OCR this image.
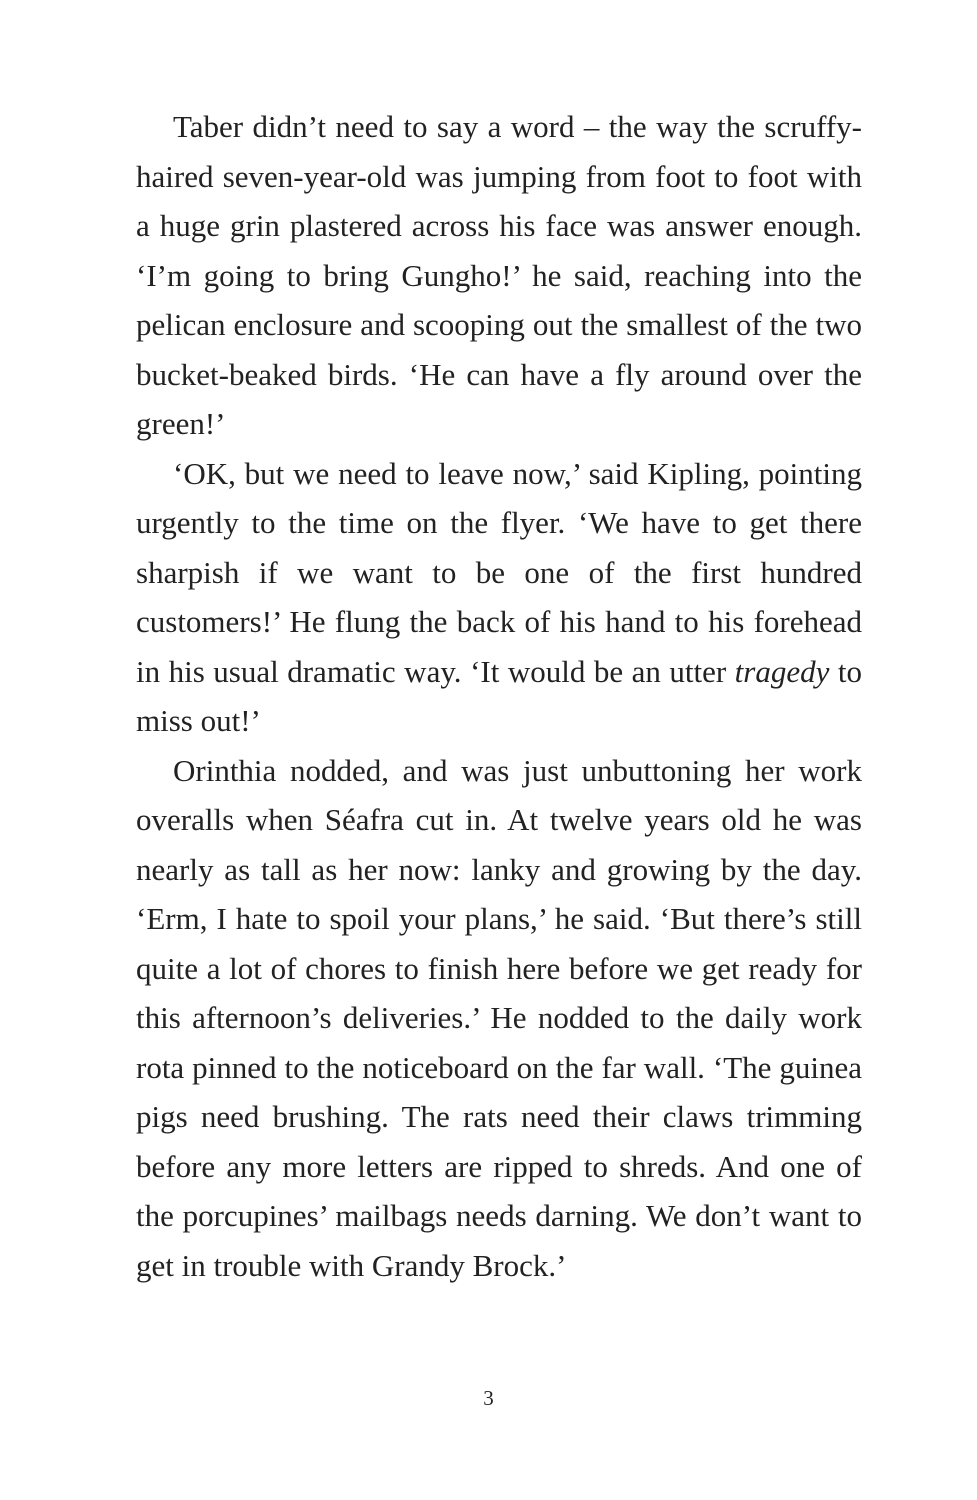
Taber didn’t need to say a word – the way the scruffy-haired seven-year-old was jumping from foot to foot with a huge grin plastered across his face was answer enough. ‘I’m going to bring Gungho!’ he said, reaching into the pelican enclosure and scooping out the smallest of the two bucket-beaked birds. ‘He can have a fly around over the green!’

‘OK, but we need to leave now,’ said Kipling, pointing urgently to the time on the flyer. ‘We have to get there sharpish if we want to be one of the first hundred customers!’ He flung the back of his hand to his forehead in his usual dramatic way. ‘It would be an utter tragedy to miss out!’

Orinthia nodded, and was just unbuttoning her work overalls when Séafra cut in. At twelve years old he was nearly as tall as her now: lanky and growing by the day. ‘Erm, I hate to spoil your plans,’ he said. ‘But there’s still quite a lot of chores to finish here before we get ready for this afternoon’s deliveries.’ He nodded to the daily work rota pinned to the noticeboard on the far wall. ‘The guinea pigs need brushing. The rats need their claws trimming before any more letters are ripped to shreds. And one of the porcupines’ mailbags needs darning. We don’t want to get in trouble with Grandy Brock.’

3
